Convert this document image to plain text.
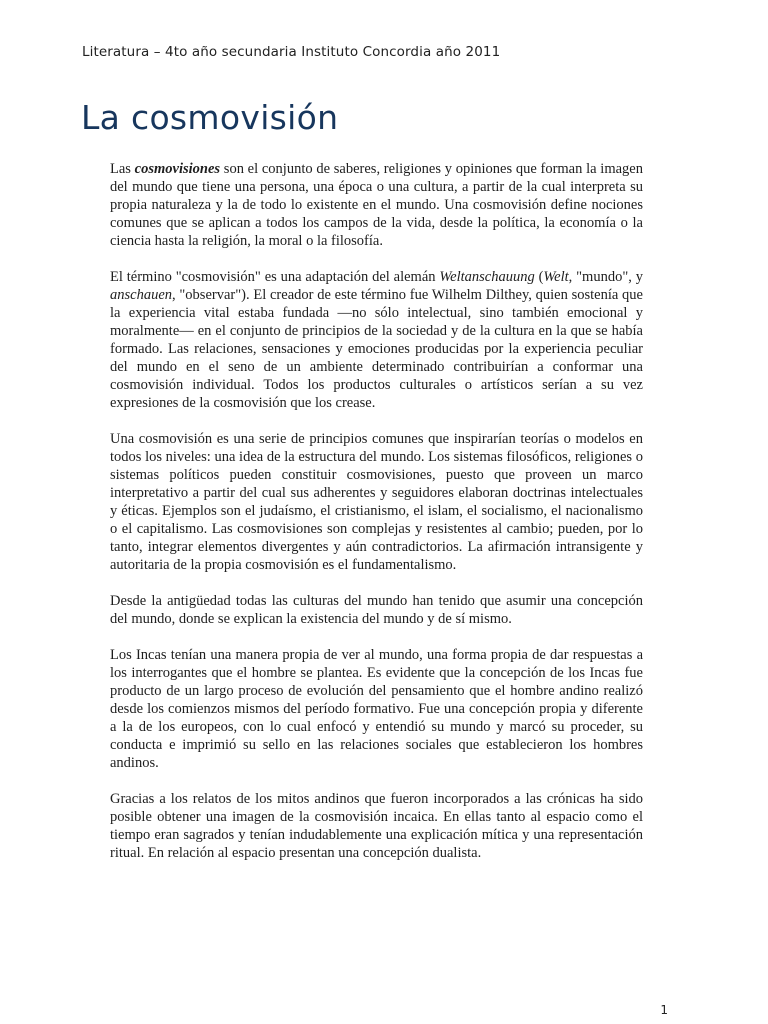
Literatura – 4to año secundaria Instituto Concordia año 2011
La cosmovisión

Las cosmovisiones son el conjunto de saberes, religiones y opiniones que forman la imagen del mundo que tiene una persona, una época o una cultura, a partir de la cual interpreta su propia naturaleza y la de todo lo existente en el mundo. Una cosmovisión define nociones comunes que se aplican a todos los campos de la vida, desde la política, la economía o la ciencia hasta la religión, la moral o la filosofía.

El término "cosmovisión" es una adaptación del alemán Weltanschauung (Welt, "mundo", y anschauen, "observar"). El creador de este término fue Wilhelm Dilthey, quien sostenía que la experiencia vital estaba fundada —no sólo intelectual, sino también emocional y moralmente— en el conjunto de principios de la sociedad y de la cultura en la que se había formado. Las relaciones, sensaciones y emociones producidas por la experiencia peculiar del mundo en el seno de un ambiente determinado contribuirían a conformar una cosmovisión individual. Todos los productos culturales o artísticos serían a su vez expresiones de la cosmovisión que los crease.

Una cosmovisión es una serie de principios comunes que inspirarían teorías o modelos en todos los niveles: una idea de la estructura del mundo. Los sistemas filosóficos, religiones o sistemas políticos pueden constituir cosmovisiones, puesto que proveen un marco interpretativo a partir del cual sus adherentes y seguidores elaboran doctrinas intelectuales y éticas. Ejemplos son el judaísmo, el cristianismo, el islam, el socialismo, el nacionalismo o el capitalismo. Las cosmovisiones son complejas y resistentes al cambio; pueden, por lo tanto, integrar elementos divergentes y aún contradictorios. La afirmación intransigente y autoritaria de la propia cosmovisión es el fundamentalismo.

Desde la antigüedad todas las culturas del mundo han tenido que asumir una concepción del mundo, donde se explican la existencia del mundo y de sí mismo.

Los Incas tenían una manera propia de ver al mundo, una forma propia de dar respuestas a los interrogantes que el hombre se plantea. Es evidente que la concepción de los Incas fue producto de un largo proceso de evolución del pensamiento que el hombre andino realizó desde los comienzos mismos del período formativo. Fue una concepción propia y diferente a la de los europeos, con lo cual enfocó y entendió su mundo y marcó su proceder, su conducta e imprimió su sello en las relaciones sociales que establecieron los hombres andinos.

Gracias a los relatos de los mitos andinos que fueron incorporados a las crónicas ha sido posible obtener una imagen de la cosmovisión incaica. En ellas tanto al espacio como el tiempo eran sagrados y tenían indudablemente una explicación mítica y una representación ritual. En relación al espacio presentan una concepción dualista.

1
